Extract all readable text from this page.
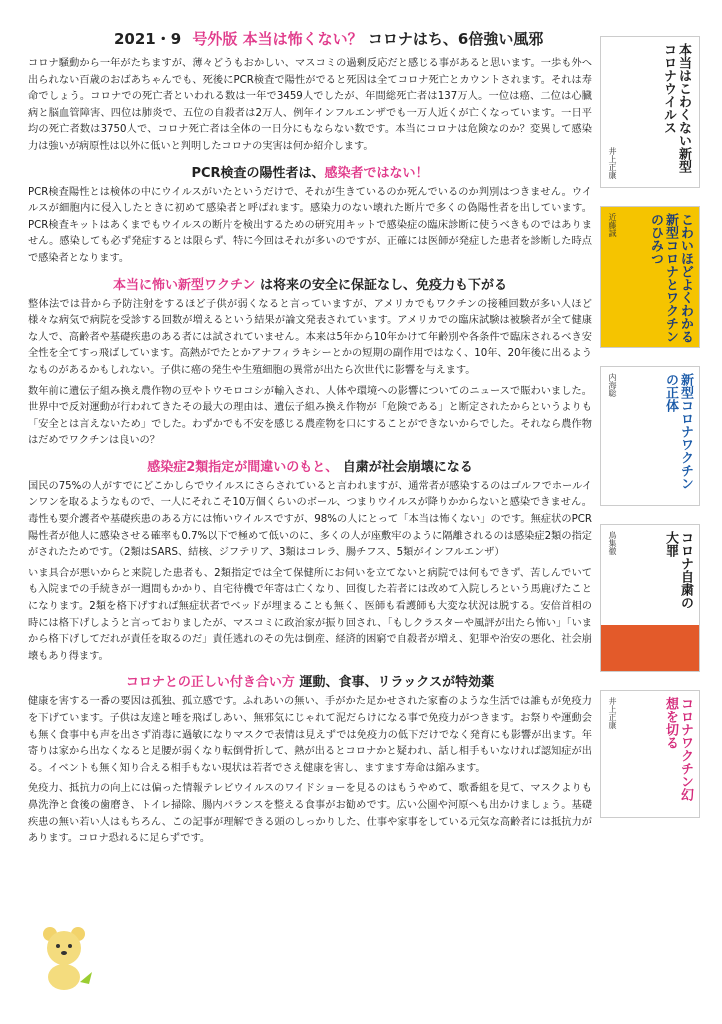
2021・9 号外版 本当は怖くない？ コロナはち、6倍強い風邪

コロナ騒動から一年がたちますが、薄々どうもおかしい、マスコミの過剰反応だと感じる事があると思います。一歩も外へ出られない百歳のおばあちゃんでも、死後にPCR検査で陽性がでると死因は全てコロナ死亡とカウントされます。それは寿命でしょう。コロナでの死亡者といわれる数は一年で3459人でしたが、年間総死亡者は137万人。一位は癌、二位は心臓病と脳血管障害、四位は肺炎で、五位の自殺者は2万人、例年インフルエンザでも一万人近くが亡くなっています。一日平均の死亡者数は3750人で、コロナ死亡者は全体の一日分にもならない数です。本当にコロナは危険なのか？変異して感染力は強いが病原性は以外に低いと判明したコロナの実害は何か紹介します。

PCR検査の陽性者は、感染者ではない！

PCR検査陽性とは検体の中にウイルスがいたというだけで、それが生きているのか死んでいるのか判別はつきません。ウイルスが細胞内に侵入したときに初めて感染者と呼ばれます。感染力のない壊れた断片で多くの偽陽性者を出しています。PCR検査キットはあくまでもウイルスの断片を検出するための研究用キットで感染症の臨床診断に使うべきものではありません。感染しても必ず発症するとは限らず、特に今回はそれが多いのですが、正確には医師が発症した患者を診断した時点で感染者となります。

本当に怖い新型ワクチン は将来の安全に保証なし、免疫力も下がる

整体法では昔から予防注射をするほど子供が弱くなると言っていますが、アメリカでもワクチンの接種回数が多い人ほど様々な病気で病院を受診する回数が増えるという結果が論文発表されています。アメリカでの臨床試験は被験者が全て健康な人で、高齢者や基礎疾患のある者には試されていません。本来は5年から10年かけて年齢別や各条件で臨床されるべき安全性を全てすっ飛ばしています。高熱がでたとかアナフィラキシーとかの短期の副作用ではなく、10年、20年後に出るようなものがあるかもしれない。子供に癌の発生や生殖細胞の異常が出たら次世代に影響を与えます。

数年前に遺伝子組み換え農作物の豆やトウモロコシが輸入され、人体や環境への影響についてのニュースで賑わいました。世界中で反対運動が行われてきたその最大の理由は、遺伝子組み換え作物が「危険である」と断定されたからというよりも「安全とは言えないため」でした。わずかでも不安を感じる農産物を口にすることができないからでした。それなら農作物はだめでワクチンは良いの？

感染症2類指定が間違いのもと、 自粛が社会崩壊になる

国民の75%の人がすでにどこかしらでウイルスにさらされていると言われますが、通常者が感染するのはゴルフでホールインワンを取るようなもので、一人にそれこそ10万個くらいのボール、つまりウイルスが降りかからないと感染できません。毒性も要介護者や基礎疾患のある方には怖いウイルスですが、98%の人にとって「本当は怖くない」のです。無症状のPCR陽性者が他人に感染させる確率も0.7%以下で極めて低いのに、多くの人が座敷牢のように隔離されるのは感染症2類の指定がされたためです。（2類はSARS、結核、ジフテリア、3類はコレラ、腸チフス、5類がインフルエンザ）

いま具合が悪いからと来院した患者も、2類指定では全て保健所にお伺いを立てないと病院では何もできず、苦しんでいても入院までの手続きが一週間もかかり、自宅待機で年寄は亡くなり、回復した若者には改めて入院しろという馬鹿げたことになります。2類を格下げすれば無症状者でベッドが埋まることも無く、医師も看護師も大変な状況は脱する。安倍首相の時には格下げしようと言っておりましたが、マスコミに政治家が振り回され、「もしクラスターや風評が出たら怖い」「いまから格下げしてだれが責任を取るのだ」責任逃れのその先は倒産、経済的困窮で自殺者が増え、犯罪や治安の悪化、社会崩壊もあり得ます。

コロナとの正しい付き合い方 運動、食事、リラックスが特効薬

健康を害する一番の要因は孤独、孤立感です。ふれあいの無い、手がかた足かせされた家畜のような生活では誰もが免疫力を下げています。子供は友達と唾を飛ばしあい、無邪気にじゃれて泥だらけになる事で免疫力がつきます。お祭りや運動会も無く食事中も声を出さず消毒に過敏になりマスクで表情は見えずでは免疫力の低下だけでなく発育にも影響が出ます。年寄りは家から出なくなると足腰が弱くなり転倒骨折して、熱が出るとコロナかと疑われ、話し相手もいなければ認知症が出る。イベントも無く知り合える相手もない現状は若者でさえ健康を害し、ますます寿命は縮みます。

免疫力、抵抗力の向上には偏った情報テレビウイルスのワイドショーを見るのはもうやめて、歌番組を見て、マスクよりも鼻洗浄と食後の歯磨き、トイレ掃除、腸内バランスを整える食事がお勧めです。広い公園や河原へも出かけましょう。基礎疾患の無い若い人はもちろん、この記事が理解できる頭のしっかりした、仕事や家事をしている元気な高齢者には抵抗力があります。コロナ恐れるに足らずです。

本当はこわくない新型コロナウイルス
井上正康
こわいほどよくわかる新型コロナとワクチンのひみつ
近藤誠
新型コロナワクチンの正体
内海聡
コロナ自粛の大罪
鳥集徹
コロナワクチン幻想を切る
井上正康
